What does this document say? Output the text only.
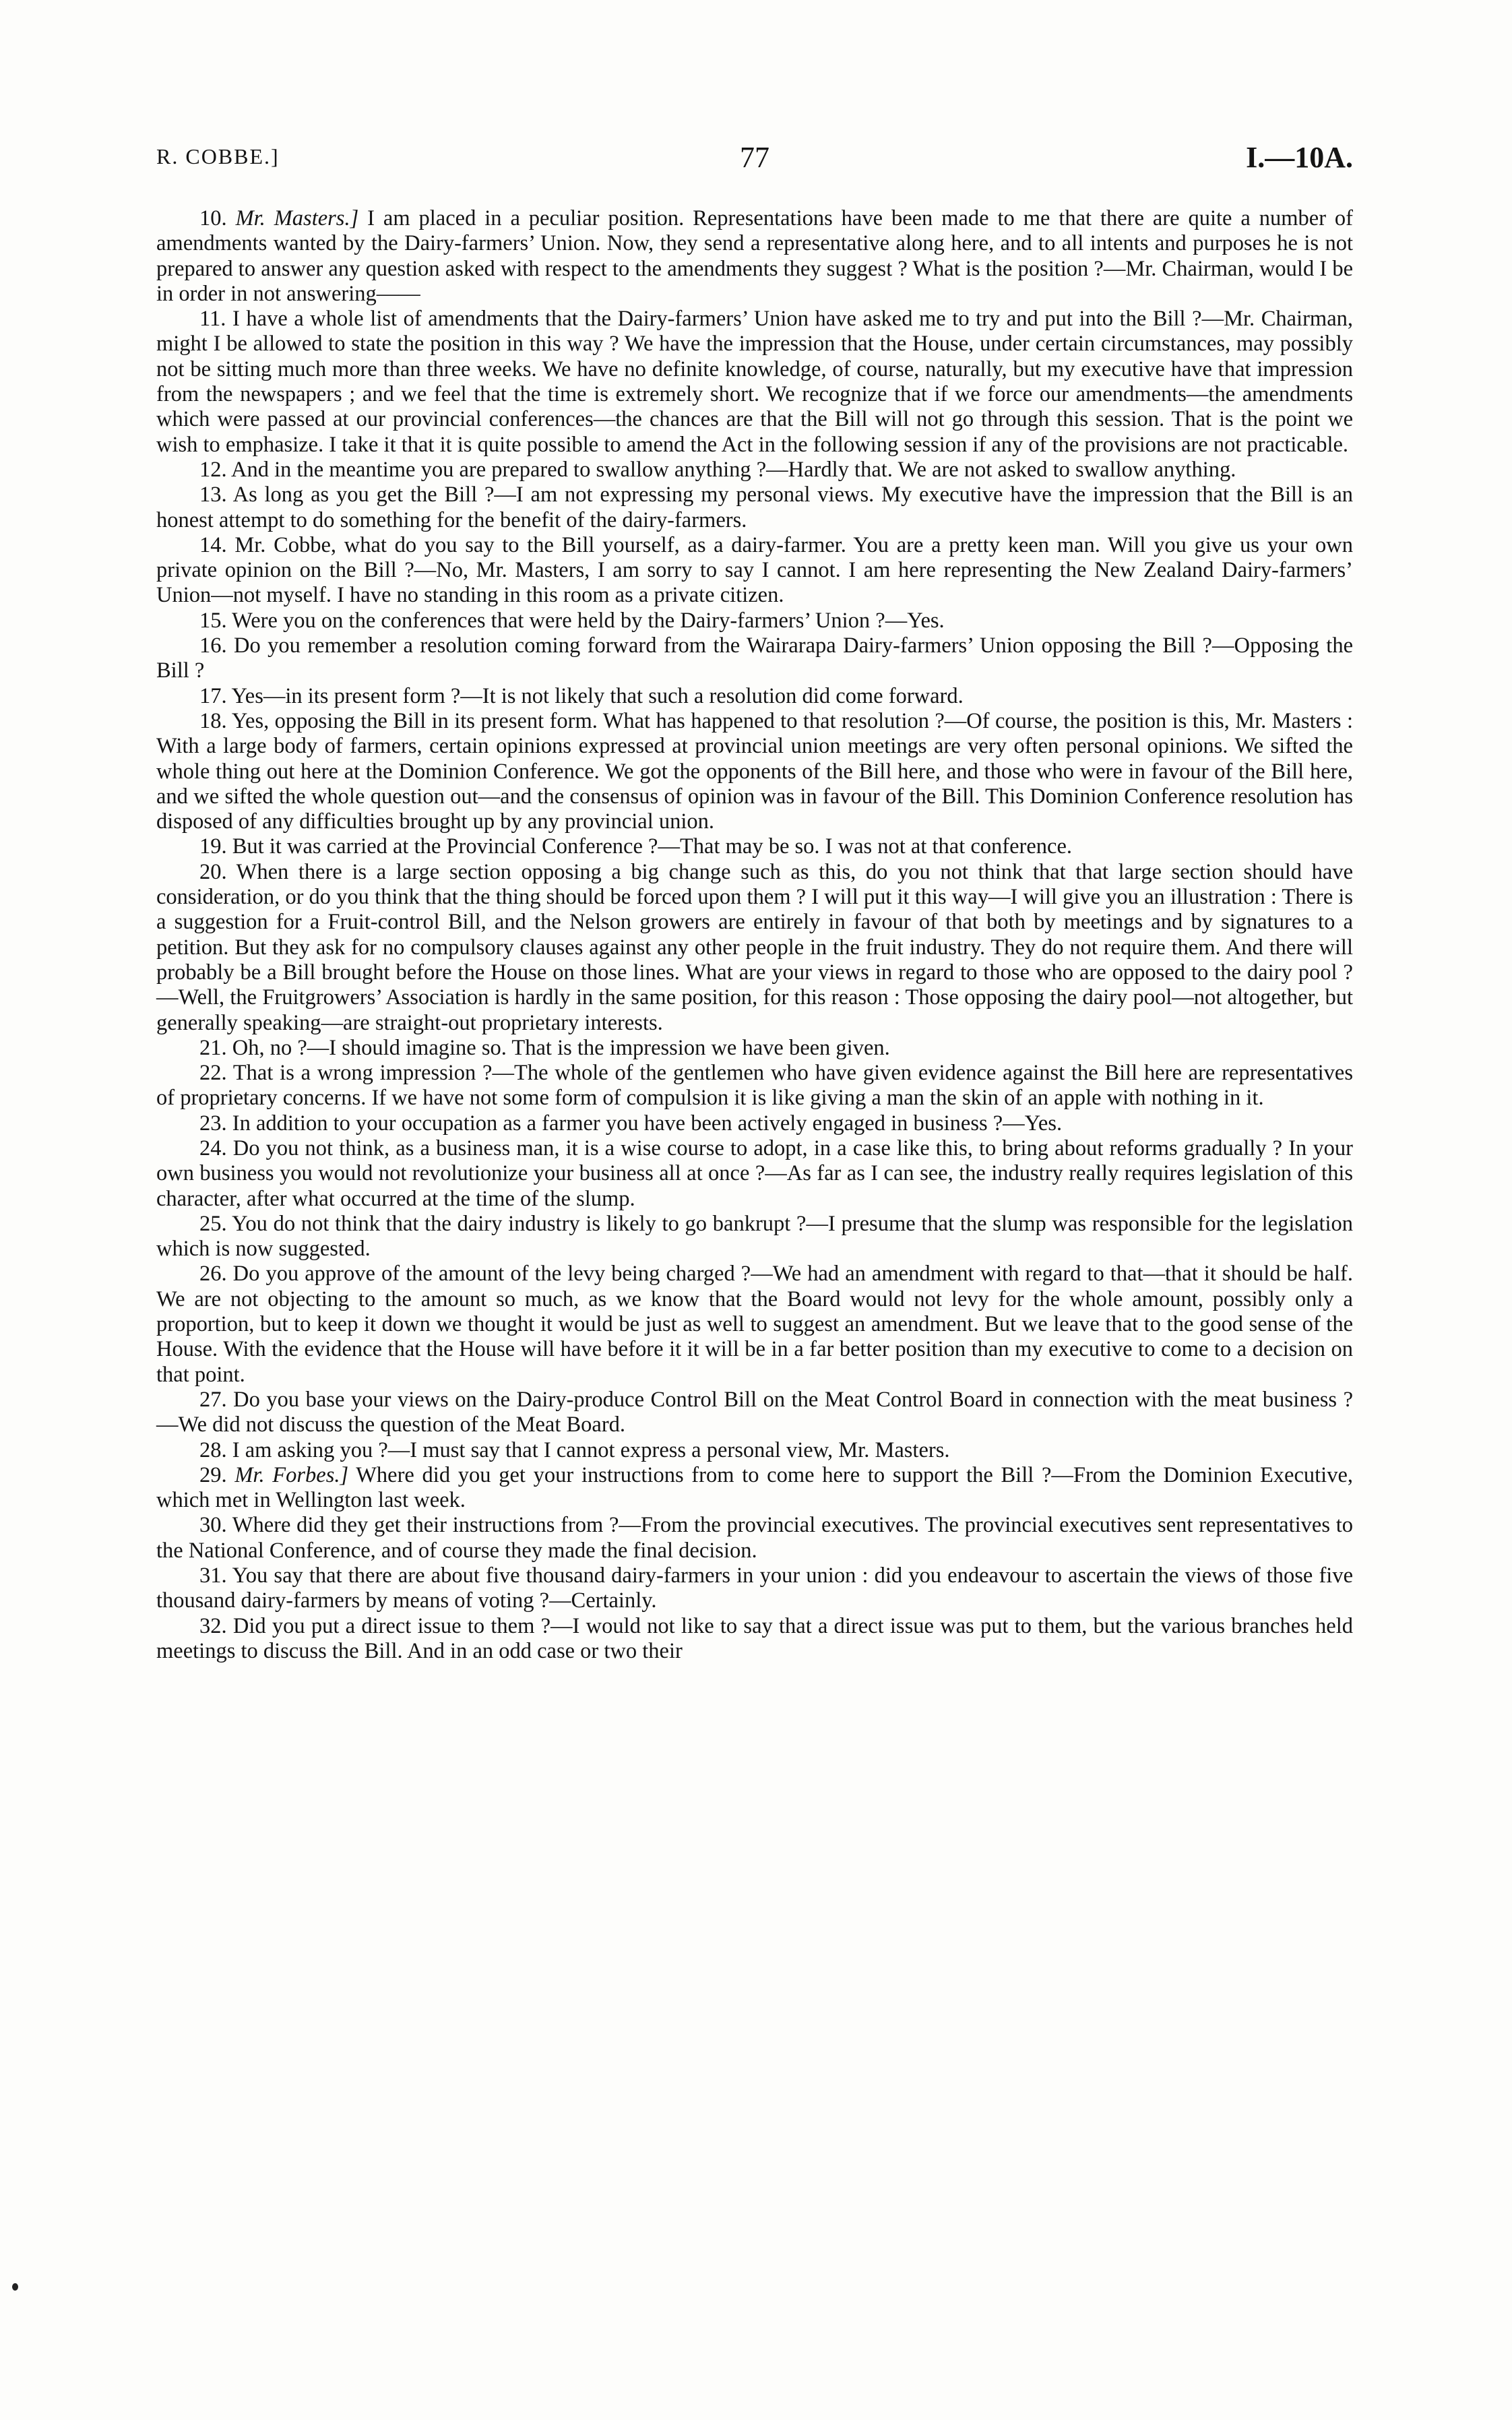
R. COBBE.]	77	I.—10A.

10. Mr. Masters.] I am placed in a peculiar position. Representations have been made to me that there are quite a number of amendments wanted by the Dairy-farmers’ Union. Now, they send a representative along here, and to all intents and purposes he is not prepared to answer any question asked with respect to the amendments they suggest ? What is the position ?—Mr. Chairman, would I be in order in not answering——

11. I have a whole list of amendments that the Dairy-farmers’ Union have asked me to try and put into the Bill ?—Mr. Chairman, might I be allowed to state the position in this way ? We have the impression that the House, under certain circumstances, may possibly not be sitting much more than three weeks. We have no definite knowledge, of course, naturally, but my executive have that impression from the newspapers ; and we feel that the time is extremely short. We recognize that if we force our amendments—the amendments which were passed at our provincial conferences—the chances are that the Bill will not go through this session. That is the point we wish to emphasize. I take it that it is quite possible to amend the Act in the following session if any of the provisions are not practicable.

12. And in the meantime you are prepared to swallow anything ?—Hardly that. We are not asked to swallow anything.

13. As long as you get the Bill ?—I am not expressing my personal views. My executive have the impression that the Bill is an honest attempt to do something for the benefit of the dairy-farmers.

14. Mr. Cobbe, what do you say to the Bill yourself, as a dairy-farmer. You are a pretty keen man. Will you give us your own private opinion on the Bill ?—No, Mr. Masters, I am sorry to say I cannot. I am here representing the New Zealand Dairy-farmers’ Union—not myself. I have no standing in this room as a private citizen.

15. Were you on the conferences that were held by the Dairy-farmers’ Union ?—Yes.

16. Do you remember a resolution coming forward from the Wairarapa Dairy-farmers’ Union opposing the Bill ?—Opposing the Bill ?

17. Yes—in its present form ?—It is not likely that such a resolution did come forward.

18. Yes, opposing the Bill in its present form. What has happened to that resolution ?—Of course, the position is this, Mr. Masters : With a large body of farmers, certain opinions expressed at provincial union meetings are very often personal opinions. We sifted the whole thing out here at the Dominion Conference. We got the opponents of the Bill here, and those who were in favour of the Bill here, and we sifted the whole question out—and the consensus of opinion was in favour of the Bill. This Dominion Conference resolution has disposed of any difficulties brought up by any provincial union.

19. But it was carried at the Provincial Conference ?—That may be so. I was not at that conference.

20. When there is a large section opposing a big change such as this, do you not think that that large section should have consideration, or do you think that the thing should be forced upon them ? I will put it this way—I will give you an illustration : There is a suggestion for a Fruit-control Bill, and the Nelson growers are entirely in favour of that both by meetings and by signatures to a petition. But they ask for no compulsory clauses against any other people in the fruit industry. They do not require them. And there will probably be a Bill brought before the House on those lines. What are your views in regard to those who are opposed to the dairy pool ?—Well, the Fruitgrowers’ Association is hardly in the same position, for this reason : Those opposing the dairy pool—not altogether, but generally speaking—are straight-out proprietary interests.

21. Oh, no ?—I should imagine so. That is the impression we have been given.

22. That is a wrong impression ?—The whole of the gentlemen who have given evidence against the Bill here are representatives of proprietary concerns. If we have not some form of compulsion it is like giving a man the skin of an apple with nothing in it.

23. In addition to your occupation as a farmer you have been actively engaged in business ?—Yes.

24. Do you not think, as a business man, it is a wise course to adopt, in a case like this, to bring about reforms gradually ? In your own business you would not revolutionize your business all at once ?—As far as I can see, the industry really requires legislation of this character, after what occurred at the time of the slump.

25. You do not think that the dairy industry is likely to go bankrupt ?—I presume that the slump was responsible for the legislation which is now suggested.

26. Do you approve of the amount of the levy being charged ?—We had an amendment with regard to that—that it should be half. We are not objecting to the amount so much, as we know that the Board would not levy for the whole amount, possibly only a proportion, but to keep it down we thought it would be just as well to suggest an amendment. But we leave that to the good sense of the House. With the evidence that the House will have before it it will be in a far better position than my executive to come to a decision on that point.

27. Do you base your views on the Dairy-produce Control Bill on the Meat Control Board in connection with the meat business ?—We did not discuss the question of the Meat Board.

28. I am asking you ?—I must say that I cannot express a personal view, Mr. Masters.

29. Mr. Forbes.] Where did you get your instructions from to come here to support the Bill ?—From the Dominion Executive, which met in Wellington last week.

30. Where did they get their instructions from ?—From the provincial executives. The provincial executives sent representatives to the National Conference, and of course they made the final decision.

31. You say that there are about five thousand dairy-farmers in your union : did you endeavour to ascertain the views of those five thousand dairy-farmers by means of voting ?—Certainly.

32. Did you put a direct issue to them ?—I would not like to say that a direct issue was put to them, but the various branches held meetings to discuss the Bill. And in an odd case or two their
